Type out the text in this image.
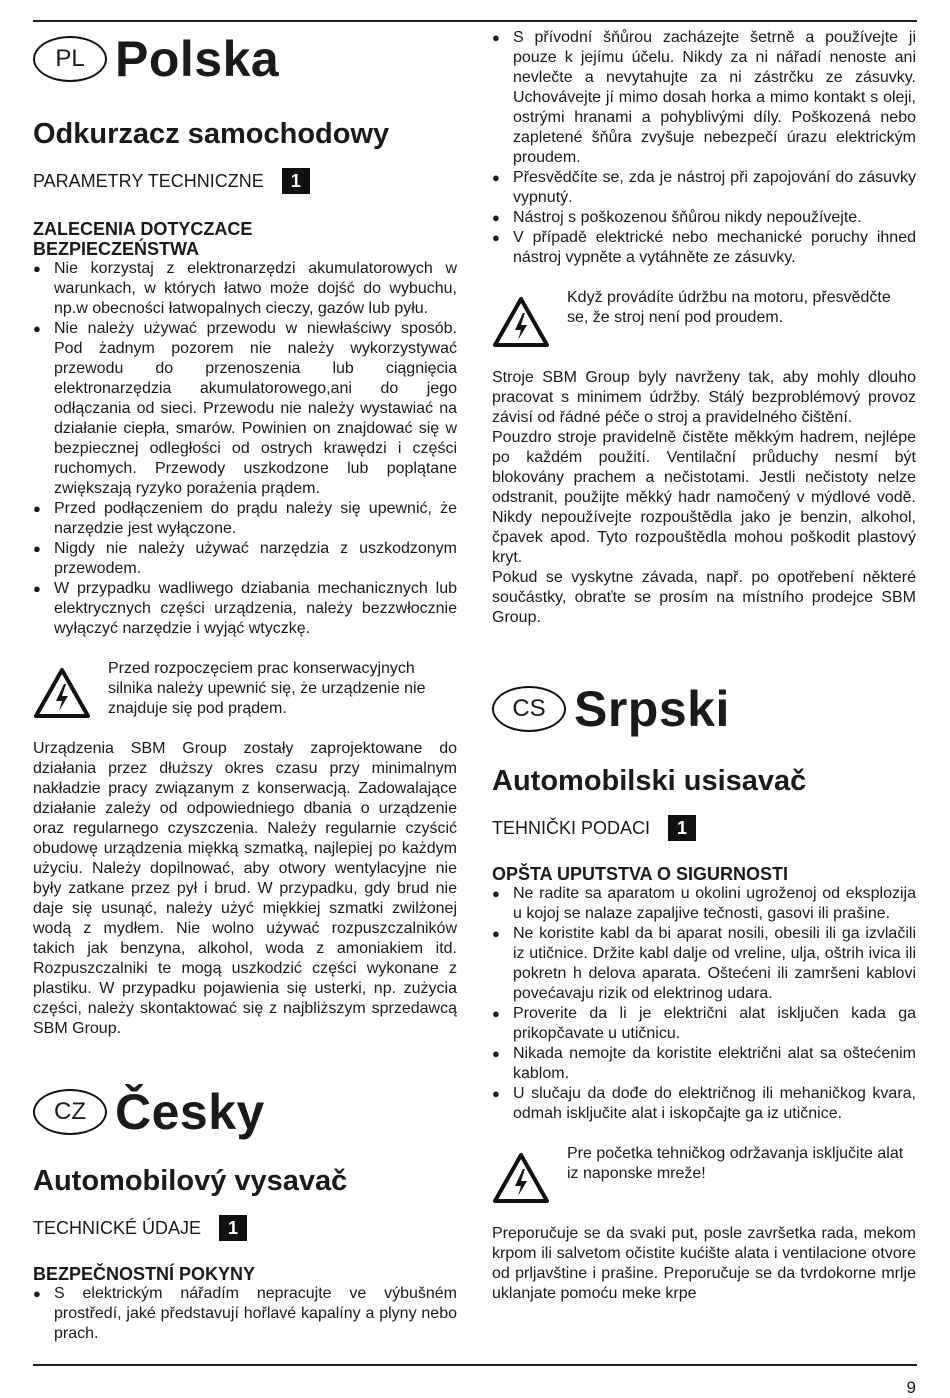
PL Polska
Odkurzacz samochodowy
PARAMETRY TECHNICZNE	1
ZALECENIA DOTYCZACE BEZPIECZEŃSTWA
● Nie korzystaj z elektronarzędzi akumulatorowych w warunkach, w których łatwo może dojść do wybuchu, np.w obecności łatwopalnych cieczy, gazów lub pyłu.
● Nie należy używać przewodu w niewłaściwy sposób. Pod żadnym pozorem nie należy wykorzystywać przewodu do przenoszenia lub ciągnięcia elektronarzędzia akumulatorowego,ani do jego odłączania od sieci. Przewodu nie należy wystawiać na działanie ciepła, smarów. Powinien on znajdować się w bezpiecznej odległości od ostrych krawędzi i części ruchomych. Przewody uszkodzone lub poplątane zwiększają ryzyko porażenia prądem.
● Przed podłączeniem do prądu należy się upewnić, że narzędzie jest wyłączone.
● Nigdy nie należy używać narzędzia z uszkodzonym przewodem.
● W przypadku wadliwego dziabania mechanicznych lub elektrycznych części urządzenia, należy bezzwłocznie wyłączyć narzędzie i wyjąć wtyczkę.
Przed rozpoczęciem prac konserwacyjnych silnika należy upewnić się, że urządzenie nie znajduje się pod prądem.

Urządzenia SBM Group zostały zaprojektowane do działania przez dłuższy okres czasu przy minimalnym nakładzie pracy związanym z konserwacją. Zadowalające działanie zależy od odpowiedniego dbania o urządzenie oraz regularnego czyszczenia. Należy regularnie czyścić obudowę urządzenia miękką szmatką, najlepiej po każdym użyciu. Należy dopilnować, aby otwory wentylacyjne nie były zatkane przez pył i brud. W przypadku, gdy brud nie daje się usunąć, należy użyć miękkiej szmatki zwilżonej wodą z mydłem. Nie wolno używać rozpuszczalników takich jak benzyna, alkohol, woda z amoniakiem itd. Rozpuszczalniki te mogą uszkodzić części wykonane z plastiku. W przypadku pojawienia się usterki, np. zużycia części, należy skontaktować się z najbliższym sprzedawcą SBM Group.

CZ Česky
Automobilový vysavač
TECHNICKÉ ÚDAJE	1
BEZPEČNOSTNÍ POKYNY
● S elektrickým nářadím nepracujte ve výbušném prostředí, jaké představují hořlavé kapalíny a plyny nebo prach.
● S přívodní šňůrou zacházejte šetrně a používejte ji pouze k jejímu účelu. Nikdy za ni nářadí nenoste ani nevlečte a nevytahujte za ni zástrčku ze zásuvky. Uchovávejte jí mimo dosah horka a mimo kontakt s oleji, ostrými hranami a pohyblivými díly. Poškozená nebo zapletené šňůra zvyšuje nebezpečí úrazu elektrickým proudem.
● Přesvědčíte se, zda je nástroj při zapojování do zásuvky vypnutý.
● Nástroj s poškozenou šňůrou nikdy nepoužívejte.
● V případě elektrické nebo mechanické poruchy ihned nástroj vypněte a vytáhněte ze zásuvky.
Když provádíte údržbu na motoru, přesvědčte se, že stroj není pod proudem.

Stroje SBM Group byly navrženy tak, aby mohly dlouho pracovat s minimem údržby. Stálý bezproblémový provoz závisí od řádné péče o stroj a pravidelného čištění.
Pouzdro stroje pravidelně čistěte měkkým hadrem, nejlépe po každém použití. Ventilační průduchy nesmí být blokovány prachem a nečistotami. Jestli nečistoty nelze odstranit, použijte měkký hadr namočený v mýdlové vodě. Nikdy nepoužívejte rozpouštědla jako je benzin, alkohol, čpavek apod. Tyto rozpouštědla mohou poškodit plastový kryt.
Pokud se vyskytne závada, např. po opotřebení některé součástky, obraťte se prosím na místního prodejce SBM Group.

CS Srpski
Automobilski usisavač
TEHNIČKI PODACI	1
OPŠTA UPUTSTVA O SIGURNOSTI
● Ne radite sa aparatom u okolini ugroženoj od eksplozija u kojoj se nalaze zapaljive tečnosti, gasovi ili prašine.
● Ne koristite kabl da bi aparat nosili, obesili ili ga izvlačili iz utičnice. Držite kabl dalje od vreline, ulja, oštrih ivica ili pokretn h delova aparata. Oštećeni ili zamršeni kablovi povećavaju rizik od elektrinog udara.
● Proverite da li je električni alat isključen kada ga prikopčavate u utičnicu.
● Nikada nemojte da koristite električni alat sa oštećenim kablom.
● U slučaju da dođe do električnog ili mehaničkog kvara, odmah isključite alat i iskopčajte ga iz utičnice.
Pre početka tehničkog održavanja isključite alat iz naponske mreže!

Preporučuje se da svaki put, posle završetka rada, mekom krpom ili salvetom očistite kućište alata i ventilacione otvore od prljavštine i prašine. Preporučuje se da tvrdokorne mrlje uklanjate pomoću meke krpe

9
